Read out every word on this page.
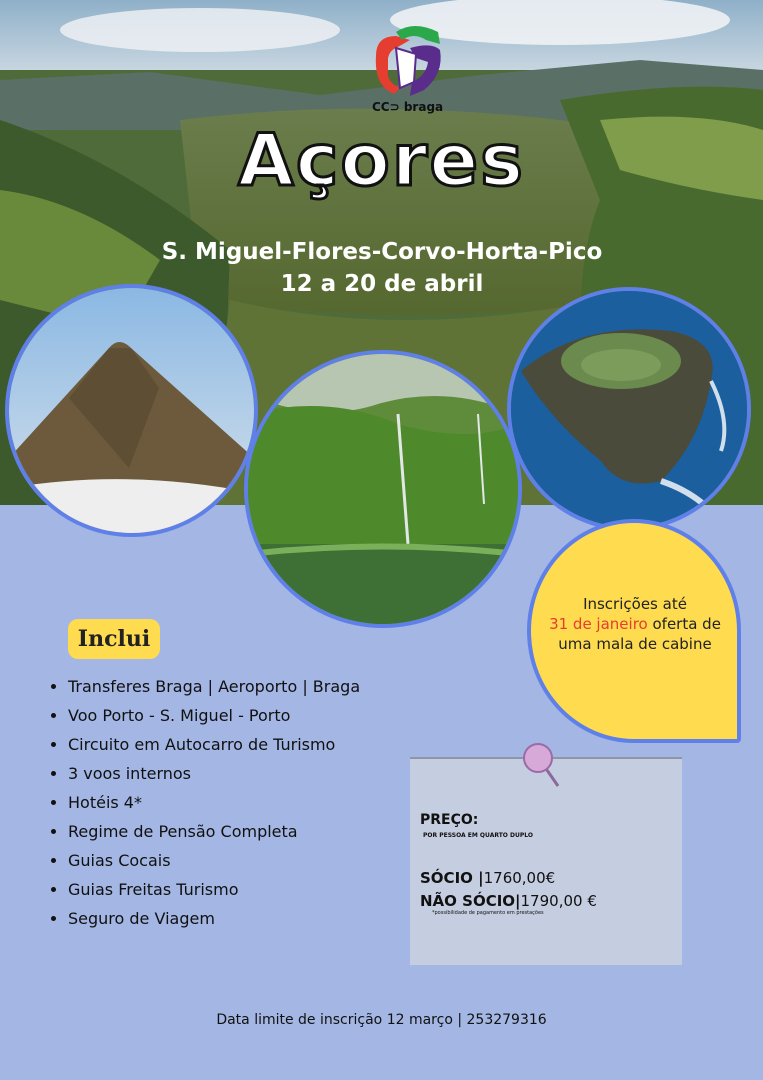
CC⊃ braga
Açores
S. Miguel-Flores-Corvo-Horta-Pico
12 a 20 de abril
Inscrições até
31 de janeiro oferta de uma mala de cabine
Inclui
• Transferes Braga | Aeroporto | Braga
• Voo Porto - S. Miguel - Porto
• Circuito em Autocarro de Turismo
• 3 voos internos
• Hotéis 4*
• Regime de Pensão Completa
• Guias Cocais
• Guias Freitas Turismo
• Seguro de Viagem
PREÇO:
POR PESSOA EM QUARTO DUPLO
SÓCIO |1760,00€
NÃO SÓCIO|1790,00 €
*possibilidade de pagamento em prestações
Data limite de inscrição 12 março | 253279316
